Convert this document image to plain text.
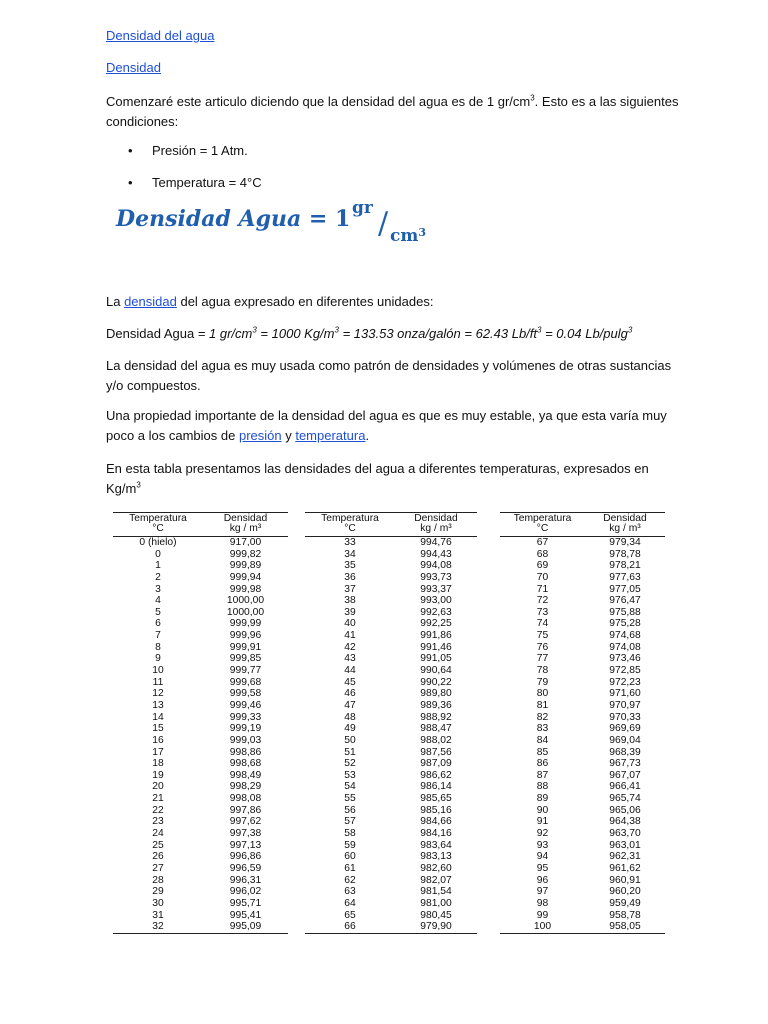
Densidad del agua
Densidad

Comenzaré este articulo diciendo que la densidad del agua es de 1 $gr/cm^3$. Esto es a las siguientes
condiciones:

• Presión = 1 Atm.
• Temperatura = 4°C
Densidad Agua = 1 gr / $cm^3$

La densidad del agua expresado en diferentes unidades:

Densidad Agua = 1 $gr/cm^3 = 1000$ $Kg/m^3 = 133.53$ onza/galón = 62.43 $Lb/ft^3 = 0.04$ Lb/pulg$^3$

La densidad del agua es muy usada como patrón de densidades y volúmenes de otras sustancias
y/o compuestos.

Una propiedad importante de la densidad del agua es que es muy estable, ya que esta varía muy
poco a los cambios de presión y temperatura.

En esta tabla presentamos las densidades del agua a diferentes temperaturas, expresados en
$Kg/m^3$

Temperatura
°C
Densidad
kg / m³
0 (hielo)	917,00
0	999,82
1	999,89
2	999,94
3	999,98
4	1000,00
5	1000,00
6	999,99
7	999,96
8	999,91
9	999,85
10	999,77
11	999,68
12	999,58
13	999,46
14	999,33
15	999,19
16	999,03
17	998,86
18	998,68
19	998,49
20	998,29
21	998,08
22	997,86
23	997,62
24	997,38
25	997,13
26	996,86
27	996,59
28	996,31
29	996,02
30	995,71
31	995,41
32	995,09
Temperatura
°C
Densidad
kg / m³
33	994,76
34	994,43
35	994,08
36	993,73
37	993,37
38	993,00
39	992,63
40	992,25
41	991,86
42	991,46
43	991,05
44	990,64
45	990,22
46	989,80
47	989,36
48	988,92
49	988,47
50	988,02
51	987,56
52	987,09
53	986,62
54	986,14
55	985,65
56	985,16
57	984,66
58	984,16
59	983,64
60	983,13
61	982,60
62	982,07
63	981,54
64	981,00
65	980,45
66	979,90
Temperatura
°C
Densidad
kg / m³
67	979,34
68	978,78
69	978,21
70	977,63
71	977,05
72	976,47
73	975,88
74	975,28
75	974,68
76	974,08
77	973,46
78	972,85
79	972,23
80	971,60
81	970,97
82	970,33
83	969,69
84	969,04
85	968,39
86	967,73
87	967,07
88	966,41
89	965,74
90	965,06
91	964,38
92	963,70
93	963,01
94	962,31
95	961,62
96	960,91
97	960,20
98	959,49
99	958,78
100	958,05
